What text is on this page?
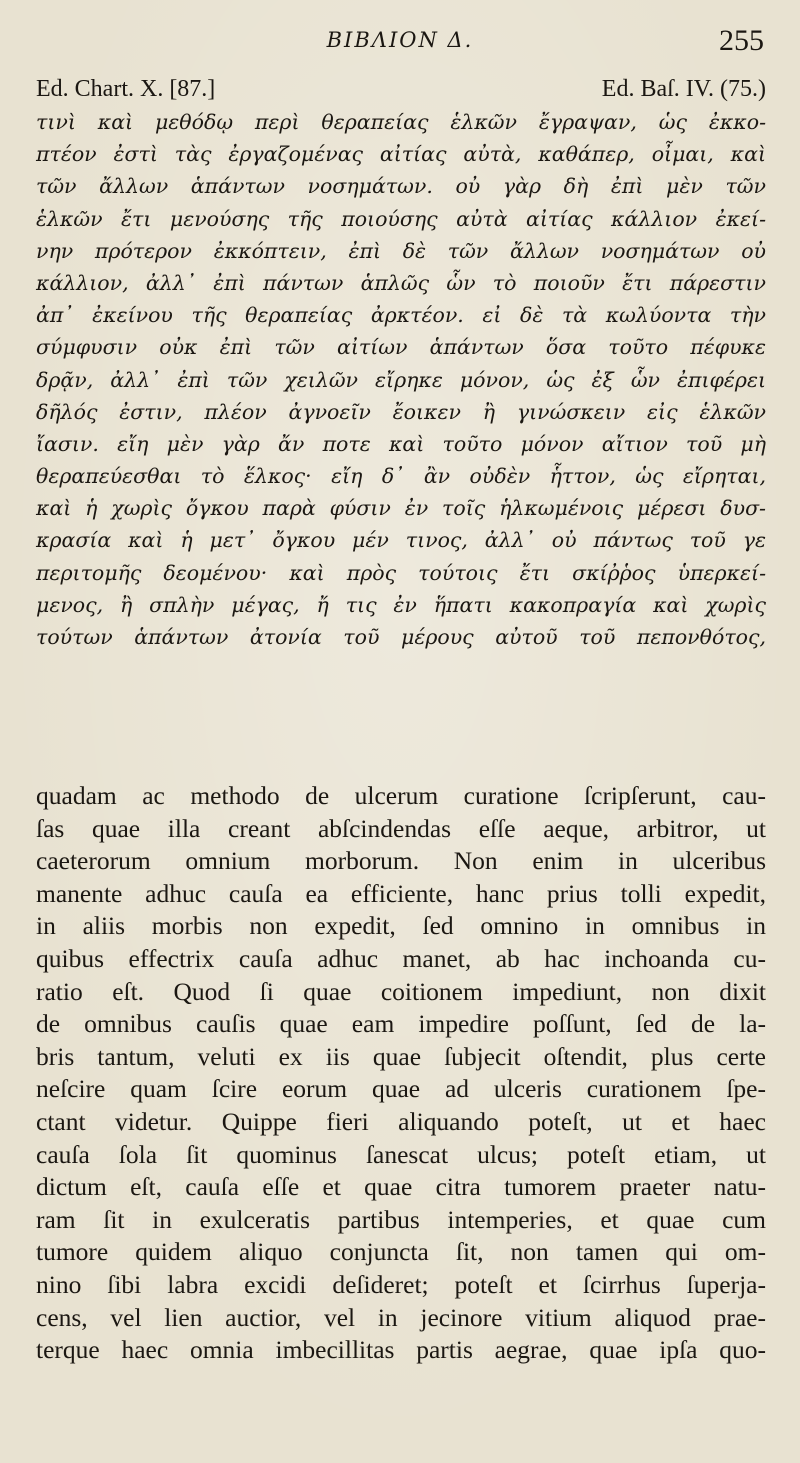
ΒΙΒΛΙΟΝ Δ.	255
Ed. Chart. X. [87.]	Ed. Baſ. IV. (75.)
τινὶ καὶ μεθόδῳ περὶ θεραπείας ἑλκῶν ἔγραψαν, ὡς ἐκκο-
πτέον ἐστὶ τὰς ἐργαζομένας αἰτίας αὐτὰ, καθάπερ, οἶμαι, καὶ
τῶν ἄλλων ἁπάντων νοσημάτων. οὐ γὰρ δὴ ἐπὶ μὲν τῶν
ἑλκῶν ἔτι μενούσης τῆς ποιούσης αὐτὰ αἰτίας κάλλιον ἐκεί-
νην πρότερον ἐκκόπτειν, ἐπὶ δὲ τῶν ἄλλων νοσημάτων οὐ
κάλλιον, ἀλλ᾽ ἐπὶ πάντων ἁπλῶς ὧν τὸ ποιοῦν ἔτι πάρεστιν
ἀπ᾽ ἐκείνου τῆς θεραπείας ἀρκτέον. εἰ δὲ τὰ κωλύοντα τὴν
σύμφυσιν οὐκ ἐπὶ τῶν αἰτίων ἁπάντων ὅσα τοῦτο πέφυκε
δρᾷν, ἀλλ᾽ ἐπὶ τῶν χειλῶν εἴρηκε μόνον, ὡς ἐξ ὧν ἐπιφέρει
δῆλός ἐστιν, πλέον ἀγνοεῖν ἔοικεν ἢ γινώσκειν εἰς ἑλκῶν
ἴασιν. εἴη μὲν γὰρ ἄν ποτε καὶ τοῦτο μόνον αἴτιον τοῦ μὴ
θεραπεύεσθαι τὸ ἕλκος· εἴη δ᾽ ἂν οὐδὲν ἧττον, ὡς εἴρηται,
καὶ ἡ χωρὶς ὄγκου παρὰ φύσιν ἐν τοῖς ἡλκωμένοις μέρεσι δυσ-
κρασία καὶ ἡ μετ᾽ ὄγκου μέν τινος, ἀλλ᾽ οὐ πάντως τοῦ γε
περιτομῆς δεομένου· καὶ πρὸς τούτοις ἔτι σκίῤῥος ὑπερκεί-
μενος, ἢ σπλὴν μέγας, ἤ τις ἐν ἥπατι κακοπραγία καὶ χωρὶς
τούτων ἁπάντων ἀτονία τοῦ μέρους αὐτοῦ τοῦ πεπονθότος,
quadam ac methodo de ulcerum curatione ſcripſerunt, cau-
ſas quae illa creant abſcindendas eſſe aeque, arbitror, ut
caeterorum omnium morborum. Non enim in ulceribus
manente adhuc cauſa ea efficiente, hanc prius tolli expedit,
in aliis morbis non expedit, ſed omnino in omnibus in
quibus effectrix cauſa adhuc manet, ab hac inchoanda cu-
ratio eſt. Quod ſi quae coitionem impediunt, non dixit
de omnibus cauſis quae eam impedire poſſunt, ſed de la-
bris tantum, veluti ex iis quae ſubjecit oſtendit, plus certe
neſcire quam ſcire eorum quae ad ulceris curationem ſpe-
ctant videtur. Quippe fieri aliquando poteſt, ut et haec
cauſa ſola ſit quominus ſanescat ulcus; poteſt etiam, ut
dictum eſt, cauſa eſſe et quae citra tumorem praeter natu-
ram ſit in exulceratis partibus intemperies, et quae cum
tumore quidem aliquo conjuncta ſit, non tamen qui om-
nino ſibi labra excidi deſideret; poteſt et ſcirrhus ſuperja-
cens, vel lien auctior, vel in jecinore vitium aliquod prae-
terque haec omnia imbecillitas partis aegrae, quae ipſa quo-
